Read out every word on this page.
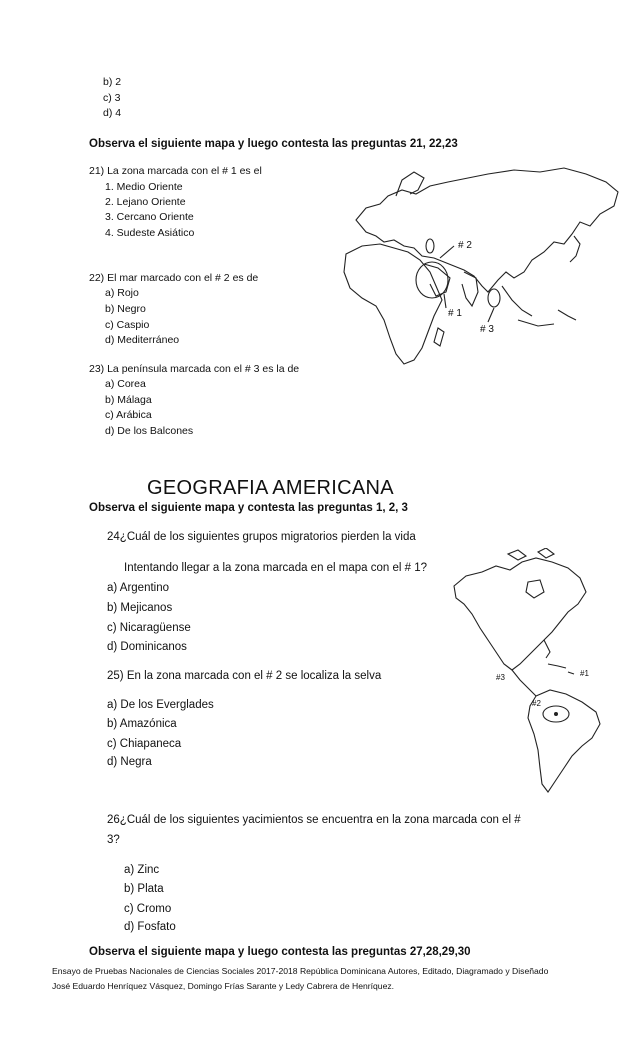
b) 2
c) 3
d) 4
Observa el siguiente mapa y luego contesta las preguntas 21, 22,23
21) La zona marcada con el # 1 es el
1. Medio Oriente
2. Lejano Oriente
3. Cercano Oriente
4. Sudeste Asiático
22) El mar marcado con el # 2 es de
a) Rojo
b) Negro
c) Caspio
d) Mediterráneo
23) La península marcada con el # 3 es la de
a) Corea
b) Málaga
c) Arábica
d) De los Balcones
# 2
# 1
# 3
GEOGRAFIA AMERICANA
Observa el siguiente mapa y contesta las preguntas 1, 2, 3
24¿Cuál de los siguientes grupos migratorios pierden la vida
Intentando llegar a la zona marcada en el mapa con el # 1?
a) Argentino
b) Mejicanos
c) Nicaragüense
d) Dominicanos
25) En la zona marcada con el # 2 se localiza la selva
a) De los Everglades
b) Amazónica
c) Chiapaneca
d) Negra
#1
#3
#2
26¿Cuál de los siguientes yacimientos se encuentra en la zona marcada con el #
3?
a) Zinc
b) Plata
c) Cromo
d) Fosfato
Observa el siguiente mapa y luego contesta las preguntas 27,28,29,30
Ensayo de Pruebas Nacionales de Ciencias Sociales 2017-2018 República Dominicana Autores, Editado, Diagramado y Diseñado
José Eduardo Henríquez Vásquez, Domingo Frías Sarante y Ledy Cabrera de Henríquez.
